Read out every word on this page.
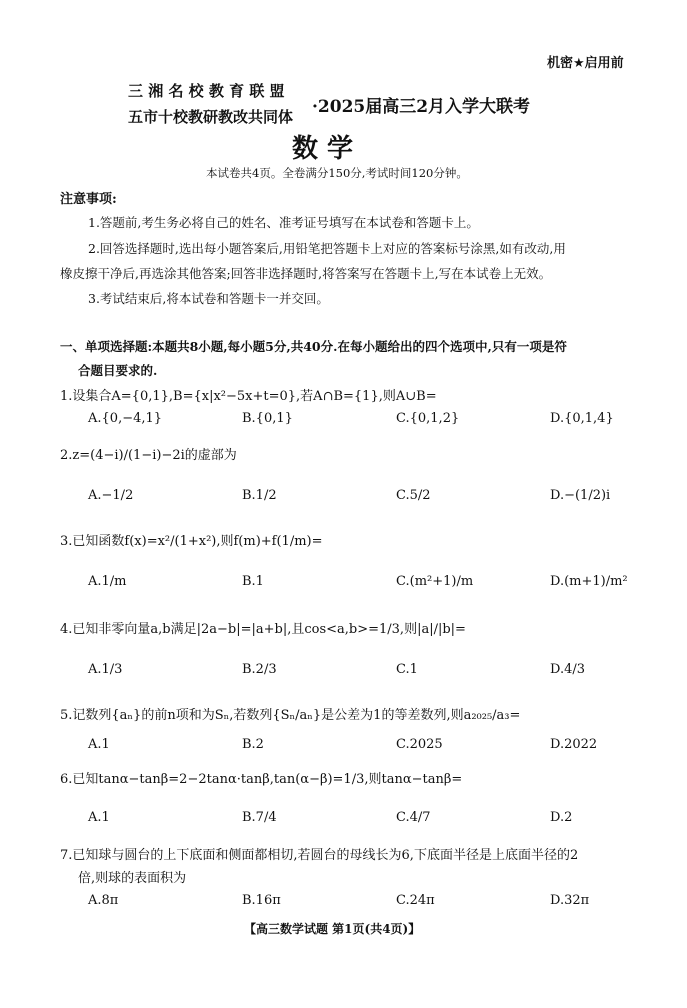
机密★启用前
三 湘 名 校 教 育 联 盟
五市十校教研教改共同体 ·2025届高三2月入学大联考
数 学
本试卷共4页。全卷满分150分,考试时间120分钟。
注意事项:
1.答题前,考生务必将自己的姓名、准考证号填写在本试卷和答题卡上。
2.回答选择题时,选出每小题答案后,用铅笔把答题卡上对应的答案标号涂黑,如有改动,用
橡皮擦干净后,再选涂其他答案;回答非选择题时,将答案写在答题卡上,写在本试卷上无效。
3.考试结束后,将本试卷和答题卡一并交回。
一、单项选择题:本题共8小题,每小题5分,共40分.在每小题给出的四个选项中,只有一项是符
合题目要求的.
1.设集合A={0,1},B={x|x²−5x+t=0},若A∩B={1},则A∪B=
A.{0,−4,1}	B.{0,1}	C.{0,1,2}	D.{0,1,4}
2.z=(4−i)/(1−i)−2i的虚部为
A.−1/2	B.1/2	C.5/2	D.−(1/2)i
3.已知函数f(x)=x²/(1+x²),则f(m)+f(1/m)=
A.1/m	B.1	C.(m²+1)/m	D.(m+1)/m²
4.已知非零向量a,b满足|2a−b|=|a+b|,且cos<a,b>=1/3,则|a|/|b|=
A.1/3	B.2/3	C.1	D.4/3
5.记数列{aₙ}的前n项和为Sₙ,若数列{Sₙ/aₙ}是公差为1的等差数列,则a₂₀₂₅/a₃=
A.1	B.2	C.2025	D.2022
6.已知tanα−tanβ=2−2tanα·tanβ,tan(α−β)=1/3,则tanα−tanβ=
A.1	B.7/4	C.4/7	D.2
7.已知球与圆台的上下底面和侧面都相切,若圆台的母线长为6,下底面半径是上底面半径的2
倍,则球的表面积为
A.8π	B.16π	C.24π	D.32π
【高三数学试题 第1页(共4页)】
